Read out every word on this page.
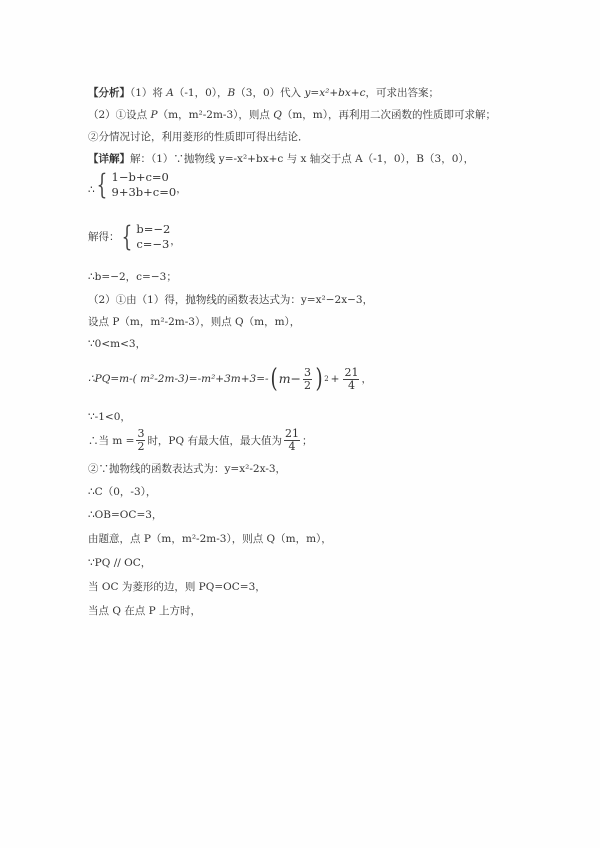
【分析】（1）将 A（-1，0），B（3，0）代入 y=x²+bx+c，可求出答案；
（2）①设点 P（m，m²-2m-3），则点 Q（m，m），再利用二次函数的性质即可求解；
②分情况讨论，利用菱形的性质即可得出结论．
【详解】解：（1）∵抛物线 y=-x²+bx+c 与 x 轴交于点 A（-1，0），B（3，0），
∴ { 1−b+c=0
9+3b+c=0 ，
解得： { b=−2
c=−3 ，
∴b=−2，c=−3；
（2）①由（1）得，抛物线的函数表达式为：y=x²−2x−3，
设点 P（m，m²-2m-3），则点 Q（m，m），
∵0<m<3，
∴PQ=m-( m²-2m-3)=-m²+3m+3=- ( $m- \frac{3}{2}$ ) $2 + \frac{21}{4}$ ，
∵-1<0，
∴当 $m = \frac{3}{2}$ 时，PQ 有最大值，最大值为 $\frac{21}{4}$ ；
②∵抛物线的函数表达式为：y=x²-2x-3，
∴C（0，-3），
∴OB=OC=3，
由题意，点 P（m，m²-2m-3），则点 Q（m，m），
∵PQ // OC，
当 OC 为菱形的边，则 PQ=OC=3，
当点 Q 在点 P 上方时，
